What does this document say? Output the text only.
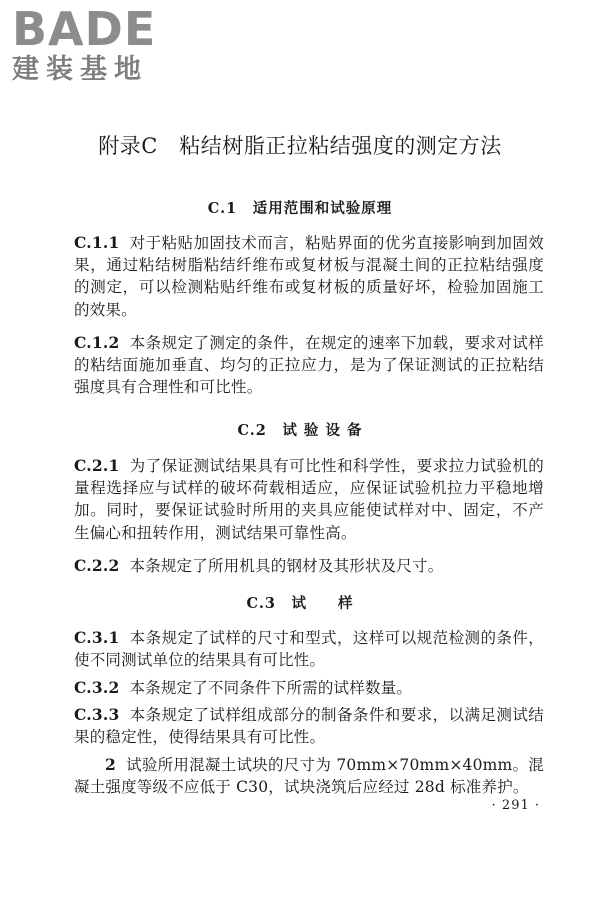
BADE
建装基地
附录C　粘结树脂正拉粘结强度的测定方法
C.1　适用范围和试验原理
C.1.1 对于粘贴加固技术而言，粘贴界面的优劣直接影响到加固效果，通过粘结树脂粘结纤维布或复材板与混凝土间的正拉粘结强度的测定，可以检测粘贴纤维布或复材板的质量好坏，检验加固施工的效果。
C.1.2 本条规定了测定的条件，在规定的速率下加载，要求对试样的粘结面施加垂直、均匀的正拉应力，是为了保证测试的正拉粘结强度具有合理性和可比性。
C.2　试 验 设 备
C.2.1 为了保证测试结果具有可比性和科学性，要求拉力试验机的量程选择应与试样的破坏荷载相适应，应保证试验机拉力平稳地增加。同时，要保证试验时所用的夹具应能使试样对中、固定，不产生偏心和扭转作用，测试结果可靠性高。
C.2.2 本条规定了所用机具的钢材及其形状及尺寸。
C.3　试　　样
C.3.1 本条规定了试样的尺寸和型式，这样可以规范检测的条件，使不同测试单位的结果具有可比性。
C.3.2 本条规定了不同条件下所需的试样数量。
C.3.3 本条规定了试样组成部分的制备条件和要求，以满足测试结果的稳定性，使得结果具有可比性。
2 试验所用混凝土试块的尺寸为 70mm×70mm×40mm。混凝土强度等级不应低于 C30，试块浇筑后应经过 28d 标准养护。
· 291 ·
